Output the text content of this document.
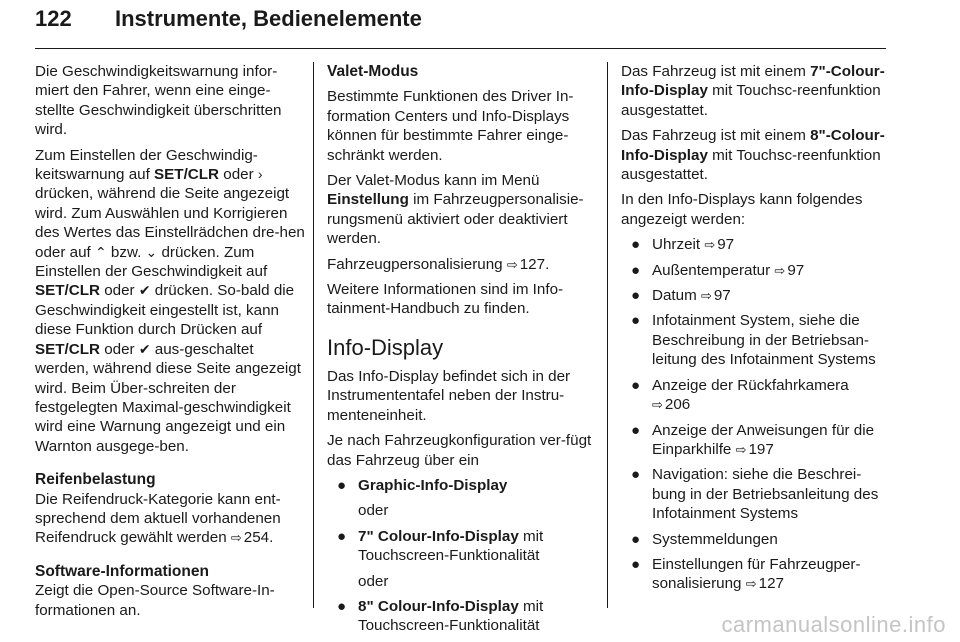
122 Instrumente, Bedienelemente

Die Geschwindigkeitswarnung infor-miert den Fahrer, wenn eine einge-stellte Geschwindigkeit überschritten wird.

Zum Einstellen der Geschwindig-keitswarnung auf SET/CLR oder › drücken, während die Seite angezeigt wird. Zum Auswählen und Korrigieren des Wertes das Einstellrädchen dre-hen oder auf ⌃ bzw. ⌄ drücken. Zum Einstellen der Geschwindigkeit auf SET/CLR oder ✔ drücken. So-bald die Geschwindigkeit eingestellt ist, kann diese Funktion durch Drücken auf SET/CLR oder ✔ aus-geschaltet werden, während diese Seite angezeigt wird. Beim Über-schreiten der festgelegten Maximal-geschwindigkeit wird eine Warnung angezeigt und ein Warnton ausgege-ben.

Reifenbelastung

Die Reifendruck-Kategorie kann ent-sprechend dem aktuell vorhandenen Reifendruck gewählt werden ⇨ 254.

Software-Informationen

Zeigt die Open-Source Software-In-formationen an.

Valet-Modus

Bestimmte Funktionen des Driver In-formation Centers und Info-Displays können für bestimmte Fahrer einge-schränkt werden.

Der Valet-Modus kann im Menü Einstellung im Fahrzeugpersonalisie-rungsmenü aktiviert oder deaktiviert werden.

Fahrzeugpersonalisierung ⇨ 127.

Weitere Informationen sind im Info-tainment-Handbuch zu finden.

Info-Display

Das Info-Display befindet sich in der Instrumententafel neben der Instru-menteneinheit.

Je nach Fahrzeugkonfiguration ver-fügt das Fahrzeug über ein

● Graphic-Info-Display

oder

● 7" Colour-Info-Display mit Touchscreen-Funktionalität

oder

● 8" Colour-Info-Display mit Touchscreen-Funktionalität

Das Fahrzeug ist mit einem 7"-Colour-Info-Display mit Touchsc-reenfunktion ausgestattet.

Das Fahrzeug ist mit einem 8"-Colour-Info-Display mit Touchsc-reenfunktion ausgestattet.

In den Info-Displays kann folgendes angezeigt werden:

● Uhrzeit ⇨ 97
● Außentemperatur ⇨ 97
● Datum ⇨ 97
● Infotainment System, siehe die Beschreibung in der Betriebsan-leitung des Infotainment Systems
● Anzeige der Rückfahrkamera ⇨ 206
● Anzeige der Anweisungen für die Einparkhilfe ⇨ 197
● Navigation: siehe die Beschrei-bung in der Betriebsanleitung des Infotainment Systems
● Systemmeldungen
● Einstellungen für Fahrzeugper-sonalisierung ⇨ 127
carmanualsonline.info
